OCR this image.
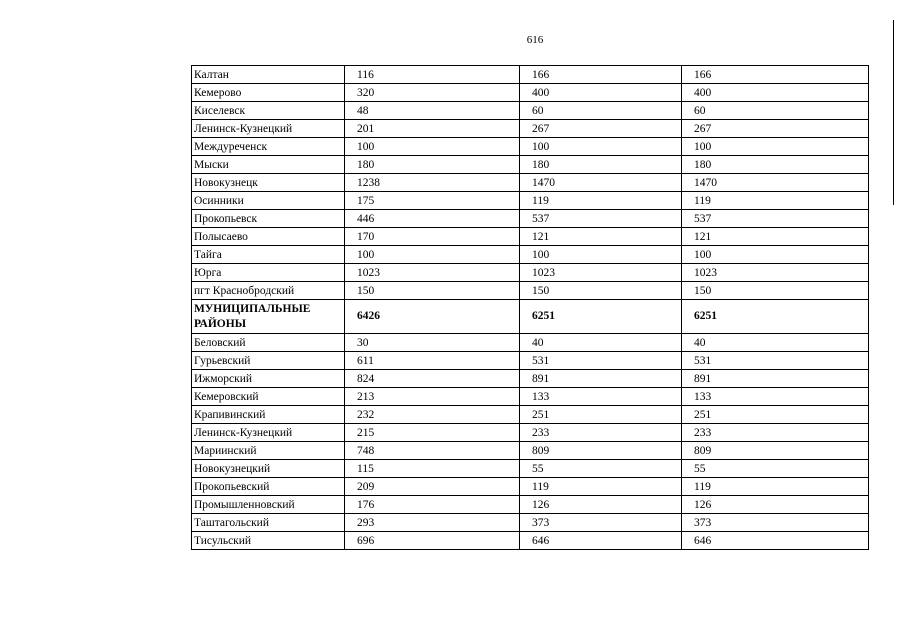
616
Калтан	116	166	166
Кемерово	320	400	400
Киселевск	48	60	60
Ленинск-Кузнецкий	201	267	267
Междуреченск	100	100	100
Мыски	180	180	180
Новокузнецк	1238	1470	1470
Осинники	175	119	119
Прокопьевск	446	537	537
Полысаево	170	121	121
Тайга	100	100	100
Юрга	1023	1023	1023
пгт Краснобродский	150	150	150
МУНИЦИПАЛЬНЫЕ РАЙОНЫ	6426	6251	6251
Беловский	30	40	40
Гурьевский	611	531	531
Ижморский	824	891	891
Кемеровский	213	133	133
Крапивинский	232	251	251
Ленинск-Кузнецкий	215	233	233
Мариинский	748	809	809
Новокузнецкий	115	55	55
Прокопьевский	209	119	119
Промышленновский	176	126	126
Таштагольский	293	373	373
Тисульский	696	646	646
